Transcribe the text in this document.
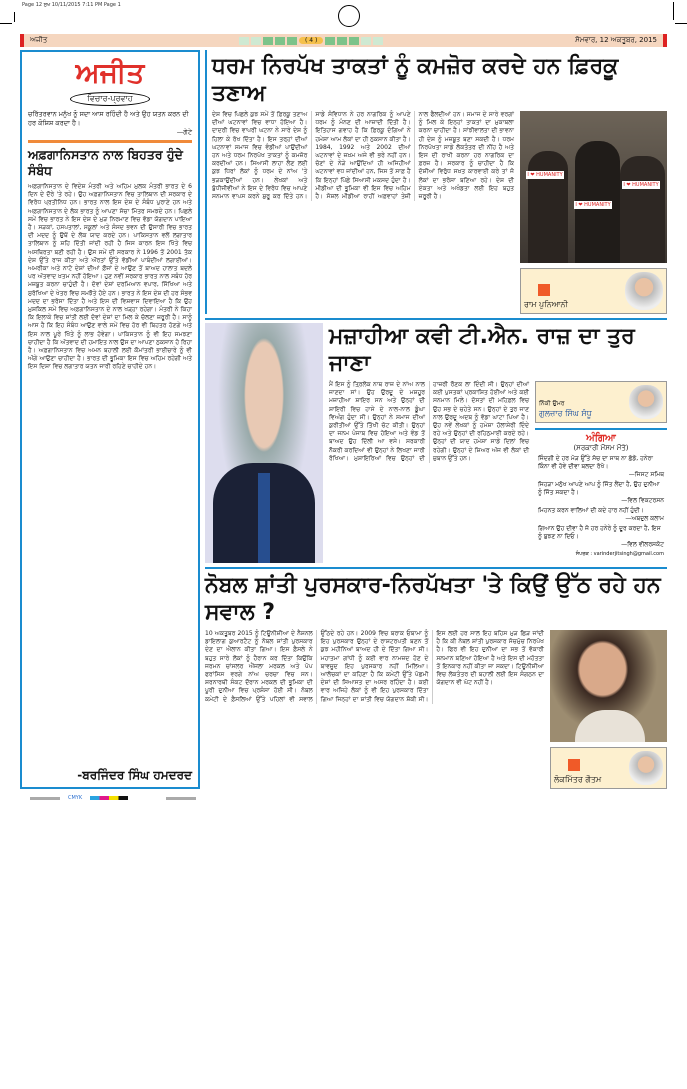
Page 12 ਸੁਖ 10/11/2015 7:11 PM Page 1
ਅਜੀਤ	( 4 )	ਸੋਮਵਾਰ, 12 ਅਕਤੂਬਰ, 2015
ਅਜੀਤ
ਵਿਚਾਰ-ਪ੍ਰਵਾਹ
ਚਰਿੱਤਰਵਾਨ ਮਨੁੱਖ ਨੂੰ ਸਦਾ ਆਸ ਰਹਿੰਦੀ ਹੈ ਅਤੇ ਉਹ ਯਤਨ ਕਰਨ ਦੀ ਹਰ ਕੋਸ਼ਿਸ਼ ਕਰਦਾ ਹੈ।
—ਗੇਟੇ
ਅਫ਼ਗਾਨਿਸਤਾਨ ਨਾਲ ਬਿਹਤਰ ਹੁੰਦੇ ਸੰਬੰਧ
ਅਫ਼ਗਾਨਿਸਤਾਨ ਦੇ ਵਿਦੇਸ਼ ਮੰਤਰੀ ਅਤੇ ਅਹਿਮ ਮੁਲਕ ਮੰਤਰੀ ਭਾਰਤ ਦੇ 6 ਦਿਨ ਦੇ ਦੌਰੇ 'ਤੇ ਰਹੇ। ਉਹ ਅਫ਼ਗਾਨਿਸਤਾਨ ਵਿਚ ਤਾਲਿਬਾਨ ਦੀ ਸਰਕਾਰ ਦੇ ਵਿਰੋਧ ਪ੍ਰਤੀਨਿਧ ਹਨ। ਭਾਰਤ ਨਾਲ ਇਸ ਦੇਸ਼ ਦੇ ਸੰਬੰਧ ਪੁਰਾਣੇ ਹਨ ਅਤੇ ਅਫ਼ਗਾਨਿਸਤਾਨ ਦੇ ਲੋਕ ਭਾਰਤ ਨੂੰ ਆਪਣਾ ਸੱਚਾ ਮਿੱਤਰ ਸਮਝਦੇ ਹਨ। ਪਿਛਲੇ ਸਮੇਂ ਵਿਚ ਭਾਰਤ ਨੇ ਇਸ ਦੇਸ਼ ਦੇ ਮੁੜ ਨਿਰਮਾਣ ਵਿਚ ਵੱਡਾ ਯੋਗਦਾਨ ਪਾਇਆ ਹੈ। ਸੜਕਾਂ, ਹਸਪਤਾਲਾਂ, ਸਕੂਲਾਂ ਅਤੇ ਸੰਸਦ ਭਵਨ ਦੀ ਉਸਾਰੀ ਵਿਚ ਭਾਰਤ ਦੀ ਮਦਦ ਨੂੰ ਉਥੋਂ ਦੇ ਲੋਕ ਯਾਦ ਕਰਦੇ ਹਨ। ਪਾਕਿਸਤਾਨ ਵਲੋਂ ਲਗਾਤਾਰ ਤਾਲਿਬਾਨ ਨੂੰ ਸ਼ਹਿ ਦਿੱਤੀ ਜਾਂਦੀ ਰਹੀ ਹੈ ਜਿਸ ਕਾਰਨ ਇਸ ਖਿੱਤੇ ਵਿਚ ਅਸਥਿਰਤਾ ਬਣੀ ਰਹੀ ਹੈ। ਉਸ ਸਮੇਂ ਦੀ ਸਰਕਾਰ ਨੇ 1996 ਤੋਂ 2001 ਤੱਕ ਦੇਸ਼ ਉੱਤੇ ਰਾਜ ਕੀਤਾ ਅਤੇ ਔਰਤਾਂ ਉੱਤੇ ਵੱਡੀਆਂ ਪਾਬੰਦੀਆਂ ਲਗਾਈਆਂ। ਅਮਰੀਕਾ ਅਤੇ ਨਾਟੋ ਦੇਸ਼ਾਂ ਦੀਆਂ ਫ਼ੌਜਾਂ ਦੇ ਆਉਣ ਤੋਂ ਬਾਅਦ ਹਾਲਾਤ ਬਦਲੇ ਪਰ ਅੱਤਵਾਦ ਖ਼ਤਮ ਨਹੀਂ ਹੋਇਆ। ਹੁਣ ਨਵੀਂ ਸਰਕਾਰ ਭਾਰਤ ਨਾਲ ਸਬੰਧ ਹੋਰ ਮਜ਼ਬੂਤ ਕਰਨਾ ਚਾਹੁੰਦੀ ਹੈ। ਦੋਵਾਂ ਦੇਸ਼ਾਂ ਦਰਮਿਆਨ ਵਪਾਰ, ਸਿੱਖਿਆ ਅਤੇ ਸੁਰੱਖਿਆ ਦੇ ਖੇਤਰ ਵਿਚ ਸਮਝੌਤੇ ਹੋਏ ਹਨ। ਭਾਰਤ ਨੇ ਇਸ ਦੇਸ਼ ਦੀ ਹਰ ਸੰਭਵ ਮਦਦ ਦਾ ਭਰੋਸਾ ਦਿੱਤਾ ਹੈ ਅਤੇ ਇਸ ਦੀ ਵਿਸ਼ਵਾਸ ਦਿਵਾਇਆ ਹੈ ਕਿ ਉਹ ਮੁਸ਼ਕਿਲ ਸਮੇਂ ਵਿਚ ਅਫ਼ਗਾਨਿਸਤਾਨ ਦੇ ਨਾਲ ਖੜ੍ਹਾ ਰਹੇਗਾ। ਮੰਤਰੀ ਨੇ ਕਿਹਾ ਕਿ ਇਲਾਕੇ ਵਿਚ ਸ਼ਾਂਤੀ ਲਈ ਦੋਵਾਂ ਦੇਸ਼ਾਂ ਦਾ ਮਿਲ ਕੇ ਚੱਲਣਾ ਜ਼ਰੂਰੀ ਹੈ। ਸਾਨੂੰ ਆਸ ਹੈ ਕਿ ਇਹ ਸੰਬੰਧ ਆਉਣ ਵਾਲੇ ਸਮੇਂ ਵਿਚ ਹੋਰ ਵੀ ਬਿਹਤਰ ਹੋਣਗੇ ਅਤੇ ਇਸ ਨਾਲ ਪੂਰੇ ਖਿੱਤੇ ਨੂੰ ਲਾਭ ਹੋਵੇਗਾ। ਪਾਕਿਸਤਾਨ ਨੂੰ ਵੀ ਇਹ ਸਮਝਣਾ ਚਾਹੀਦਾ ਹੈ ਕਿ ਅੱਤਵਾਦ ਦੀ ਹਮਾਇਤ ਨਾਲ ਉਸ ਦਾ ਆਪਣਾ ਨੁਕਸਾਨ ਹੋ ਰਿਹਾ ਹੈ। ਅਫ਼ਗਾਨਿਸਤਾਨ ਵਿਚ ਅਮਨ ਬਹਾਲੀ ਲਈ ਕੌਮਾਂਤਰੀ ਭਾਈਚਾਰੇ ਨੂੰ ਵੀ ਅੱਗੇ ਆਉਣਾ ਚਾਹੀਦਾ ਹੈ। ਭਾਰਤ ਦੀ ਭੂਮਿਕਾ ਇਸ ਵਿਚ ਅਹਿਮ ਰਹੇਗੀ ਅਤੇ ਇਸ ਦਿਸ਼ਾ ਵਿਚ ਲਗਾਤਾਰ ਯਤਨ ਜਾਰੀ ਰਹਿਣੇ ਚਾਹੀਦੇ ਹਨ।
-ਬਰਜਿੰਦਰ ਸਿੰਘ ਹਮਦਰਦ
ਧਰਮ ਨਿਰਪੱਖ ਤਾਕਤਾਂ ਨੂੰ ਕਮਜ਼ੋਰ ਕਰਦੇ ਹਨ ਫ਼ਿਰਕੂ ਤਣਾਅ
ਦੇਸ਼ ਵਿਚ ਪਿਛਲੇ ਕੁਝ ਸਮੇਂ ਤੋਂ ਫ਼ਿਰਕੂ ਤਣਾਅ ਦੀਆਂ ਘਟਨਾਵਾਂ ਵਿਚ ਵਾਧਾ ਹੋਇਆ ਹੈ। ਦਾਦਰੀ ਵਿਚ ਵਾਪਰੀ ਘਟਨਾ ਨੇ ਸਾਰੇ ਦੇਸ਼ ਨੂੰ ਹਿਲਾ ਕੇ ਰੱਖ ਦਿੱਤਾ ਹੈ। ਇਸ ਤਰ੍ਹਾਂ ਦੀਆਂ ਘਟਨਾਵਾਂ ਸਮਾਜ ਵਿਚ ਵੰਡੀਆਂ ਪਾਉਂਦੀਆਂ ਹਨ ਅਤੇ ਧਰਮ ਨਿਰਪੱਖ ਤਾਕਤਾਂ ਨੂੰ ਕਮਜ਼ੋਰ ਕਰਦੀਆਂ ਹਨ। ਸਿਆਸੀ ਲਾਹਾ ਲੈਣ ਲਈ ਕੁਝ ਧਿਰਾਂ ਲੋਕਾਂ ਨੂੰ ਧਰਮ ਦੇ ਨਾਂਅ 'ਤੇ ਭੜਕਾਉਂਦੀਆਂ ਹਨ। ਲੇਖਕਾਂ ਅਤੇ ਬੁੱਧੀਜੀਵੀਆਂ ਨੇ ਇਸ ਦੇ ਵਿਰੋਧ ਵਿਚ ਆਪਣੇ ਸਨਮਾਨ ਵਾਪਸ ਕਰਨੇ ਸ਼ੁਰੂ ਕਰ ਦਿੱਤੇ ਹਨ। ਸਾਡੇ ਸੰਵਿਧਾਨ ਨੇ ਹਰ ਨਾਗਰਿਕ ਨੂੰ ਆਪਣੇ ਧਰਮ ਨੂੰ ਮੰਨਣ ਦੀ ਆਜ਼ਾਦੀ ਦਿੱਤੀ ਹੈ। ਇਤਿਹਾਸ ਗਵਾਹ ਹੈ ਕਿ ਫ਼ਿਰਕੂ ਦੰਗਿਆਂ ਨੇ ਹਮੇਸ਼ਾ ਆਮ ਲੋਕਾਂ ਦਾ ਹੀ ਨੁਕਸਾਨ ਕੀਤਾ ਹੈ। 1984, 1992 ਅਤੇ 2002 ਦੀਆਂ ਘਟਨਾਵਾਂ ਦੇ ਜ਼ਖ਼ਮ ਅਜੇ ਵੀ ਭਰੇ ਨਹੀਂ ਹਨ। ਚੋਣਾਂ ਦੇ ਨੇੜੇ ਆਉਂਦਿਆਂ ਹੀ ਅਜਿਹੀਆਂ ਘਟਨਾਵਾਂ ਵਧ ਜਾਂਦੀਆਂ ਹਨ, ਜਿਸ ਤੋਂ ਸਾਫ਼ ਹੈ ਕਿ ਇਨ੍ਹਾਂ ਪਿੱਛੇ ਸਿਆਸੀ ਮਕਸਦ ਹੁੰਦਾ ਹੈ। ਮੀਡੀਆ ਦੀ ਭੂਮਿਕਾ ਵੀ ਇਸ ਵਿਚ ਅਹਿਮ ਹੈ। ਸੋਸ਼ਲ ਮੀਡੀਆ ਰਾਹੀਂ ਅਫ਼ਵਾਹਾਂ ਤੇਜ਼ੀ ਨਾਲ ਫੈਲਦੀਆਂ ਹਨ। ਸਮਾਜ ਦੇ ਸਾਰੇ ਵਰਗਾਂ ਨੂੰ ਮਿਲ ਕੇ ਇਨ੍ਹਾਂ ਤਾਕਤਾਂ ਦਾ ਮੁਕਾਬਲਾ ਕਰਨਾ ਚਾਹੀਦਾ ਹੈ। ਸਾਂਝੀਵਾਲਤਾ ਦੀ ਭਾਵਨਾ ਹੀ ਦੇਸ਼ ਨੂੰ ਮਜ਼ਬੂਤ ਬਣਾ ਸਕਦੀ ਹੈ। ਧਰਮ ਨਿਰਪੱਖਤਾ ਸਾਡੇ ਲੋਕਤੰਤਰ ਦੀ ਨੀਂਹ ਹੈ ਅਤੇ ਇਸ ਦੀ ਰਾਖੀ ਕਰਨਾ ਹਰ ਨਾਗਰਿਕ ਦਾ ਫ਼ਰਜ਼ ਹੈ। ਸਰਕਾਰ ਨੂੰ ਚਾਹੀਦਾ ਹੈ ਕਿ ਦੋਸ਼ੀਆਂ ਵਿਰੁੱਧ ਸਖ਼ਤ ਕਾਰਵਾਈ ਕਰੇ ਤਾਂ ਜੋ ਲੋਕਾਂ ਦਾ ਭਰੋਸਾ ਬਣਿਆ ਰਹੇ। ਦੇਸ਼ ਦੀ ਏਕਤਾ ਅਤੇ ਅਖੰਡਤਾ ਲਈ ਇਹ ਬਹੁਤ ਜ਼ਰੂਰੀ ਹੈ।
I ❤ HUMANITY
I ❤ HUMANITY
I ❤ HUMANITY
ਰਾਮ ਪੁਨਿਆਨੀ
ਮਜ਼ਾਹੀਆ ਕਵੀ ਟੀ.ਐਨ. ਰਾਜ਼ ਦਾ ਤੁਰ ਜਾਣਾ
ਮੈਂ ਇਸ ਨੂੰ ਤ੍ਰਿਲੋਕ ਨਾਥ ਰਾਜ਼ ਦੇ ਨਾਂਅ ਨਾਲ ਜਾਣਦਾ ਸਾਂ। ਉਹ ਉਰਦੂ ਦੇ ਮਸ਼ਹੂਰ ਮਜ਼ਾਹੀਆ ਸ਼ਾਇਰ ਸਨ ਅਤੇ ਉਨ੍ਹਾਂ ਦੀ ਸ਼ਾਇਰੀ ਵਿਚ ਹਾਸੇ ਦੇ ਨਾਲ-ਨਾਲ ਡੂੰਘਾ ਵਿਅੰਗ ਹੁੰਦਾ ਸੀ। ਉਨ੍ਹਾਂ ਨੇ ਸਮਾਜ ਦੀਆਂ ਕੁਰੀਤੀਆਂ ਉੱਤੇ ਤਿੱਖੀ ਚੋਟ ਕੀਤੀ। ਉਨ੍ਹਾਂ ਦਾ ਜਨਮ ਪੰਜਾਬ ਵਿਚ ਹੋਇਆ ਅਤੇ ਵੰਡ ਤੋਂ ਬਾਅਦ ਉਹ ਦਿੱਲੀ ਆ ਵਸੇ। ਸਰਕਾਰੀ ਨੌਕਰੀ ਕਰਦਿਆਂ ਵੀ ਉਨ੍ਹਾਂ ਨੇ ਲਿਖਣਾ ਜਾਰੀ ਰੱਖਿਆ। ਮੁਸ਼ਾਇਰਿਆਂ ਵਿਚ ਉਨ੍ਹਾਂ ਦੀ ਹਾਜ਼ਰੀ ਰੌਣਕ ਲਾ ਦਿੰਦੀ ਸੀ। ਉਨ੍ਹਾਂ ਦੀਆਂ ਕਈ ਪੁਸਤਕਾਂ ਪ੍ਰਕਾਸ਼ਿਤ ਹੋਈਆਂ ਅਤੇ ਕਈ ਸਨਮਾਨ ਮਿਲੇ। ਦੋਸਤਾਂ ਦੀ ਮਹਿਫ਼ਲ ਵਿਚ ਉਹ ਸਭ ਦੇ ਚਹੇਤੇ ਸਨ। ਉਨ੍ਹਾਂ ਦੇ ਤੁਰ ਜਾਣ ਨਾਲ ਉਰਦੂ ਅਦਬ ਨੂੰ ਵੱਡਾ ਘਾਟਾ ਪਿਆ ਹੈ। ਉਹ ਨਵੇਂ ਲੇਖਕਾਂ ਨੂੰ ਹਮੇਸ਼ਾ ਹੱਲਾਸ਼ੇਰੀ ਦਿੰਦੇ ਰਹੇ ਅਤੇ ਉਨ੍ਹਾਂ ਦੀ ਰਹਿਨੁਮਾਈ ਕਰਦੇ ਰਹੇ। ਉਨ੍ਹਾਂ ਦੀ ਯਾਦ ਹਮੇਸ਼ਾ ਸਾਡੇ ਦਿਲਾਂ ਵਿਚ ਰਹੇਗੀ। ਉਨ੍ਹਾਂ ਦੇ ਸ਼ਿਅਰ ਅੱਜ ਵੀ ਲੋਕਾਂ ਦੀ ਜ਼ੁਬਾਨ ਉੱਤੇ ਹਨ।
ਨਿੱਕੀ ਉਮਰ
ਗੁਲਜ਼ਾਰ ਸਿੰਘ ਸੰਧੂ
ਅੰਗਿਆ
(ਸਰਕਾਰੀ ਮੌਸਮ ਮੌਤੇ)

ਜਿੰਦਗੀ ਦੇ ਹਰ ਮੋੜ ਉੱਤੇ ਸੱਚ ਦਾ ਸਾਥ ਨਾ ਛੱਡੋ, ਹਨੇਰਾ ਕਿੰਨਾ ਵੀ ਹੋਵੇ ਦੀਵਾ ਬਲਦਾ ਰੱਖੋ।

—ਜਿਸਟ ਸਮਿਥ

ਜਿਹੜਾ ਮਨੁੱਖ ਆਪਣੇ ਆਪ ਨੂੰ ਜਿੱਤ ਲੈਂਦਾ ਹੈ, ਉਹ ਦੁਨੀਆ ਨੂੰ ਜਿੱਤ ਸਕਦਾ ਹੈ।

—ਵਿਲ ਵਿਕਟਰਸਨ

ਮਿਹਨਤ ਕਰਨ ਵਾਲਿਆਂ ਦੀ ਕਦੇ ਹਾਰ ਨਹੀਂ ਹੁੰਦੀ।

—ਅਬਦੁਲ ਕਲਾਮ

ਗਿਆਨ ਉਹ ਦੀਵਾ ਹੈ ਜੋ ਹਰ ਹਨੇਰੇ ਨੂੰ ਦੂਰ ਕਰਦਾ ਹੈ, ਇਸ ਨੂੰ ਬੁਝਣ ਨਾ ਦਿਓ।

—ਵਿਲ ਵੀਲਰਸਕੋਟ
ਸੰਪਰਕ : varinderjitsingh@gmail.com
ਨੋਬਲ ਸ਼ਾਂਤੀ ਪੁਰਸਕਾਰ-ਨਿਰਪੱਖਤਾ 'ਤੇ ਕਿਉਂ ਉੱਠ ਰਹੇ ਹਨ ਸਵਾਲ ?
10 ਅਕਤੂਬਰ 2015 ਨੂੰ ਟਿਊਨੀਸ਼ੀਆ ਦੇ ਨੈਸ਼ਨਲ ਡਾਇਲਾਗ ਕੁਆਰਟੈਟ ਨੂੰ ਨੋਬਲ ਸ਼ਾਂਤੀ ਪੁਰਸਕਾਰ ਦੇਣ ਦਾ ਐਲਾਨ ਕੀਤਾ ਗਿਆ। ਇਸ ਫ਼ੈਸਲੇ ਨੇ ਬਹੁਤ ਸਾਰੇ ਲੋਕਾਂ ਨੂੰ ਹੈਰਾਨ ਕਰ ਦਿੱਤਾ ਕਿਉਂਕਿ ਜਰਮਨ ਚਾਂਸਲਰ ਐਂਜਲਾ ਮਰਕਲ ਅਤੇ ਪੋਪ ਫਰਾਂਸਿਸ ਵਰਗੇ ਨਾਂਅ ਚਰਚਾ ਵਿਚ ਸਨ। ਸ਼ਰਨਾਰਥੀ ਸੰਕਟ ਦੌਰਾਨ ਮਰਕਲ ਦੀ ਭੂਮਿਕਾ ਦੀ ਪੂਰੀ ਦੁਨੀਆ ਵਿਚ ਪ੍ਰਸ਼ੰਸਾ ਹੋਈ ਸੀ। ਨੋਬਲ ਕਮੇਟੀ ਦੇ ਫ਼ੈਸਲਿਆਂ ਉੱਤੇ ਪਹਿਲਾਂ ਵੀ ਸਵਾਲ ਉੱਠਦੇ ਰਹੇ ਹਨ। 2009 ਵਿਚ ਬਰਾਕ ਓਬਾਮਾ ਨੂੰ ਇਹ ਪੁਰਸਕਾਰ ਉਨ੍ਹਾਂ ਦੇ ਰਾਸ਼ਟਰਪਤੀ ਬਣਨ ਤੋਂ ਕੁਝ ਮਹੀਨਿਆਂ ਬਾਅਦ ਹੀ ਦੇ ਦਿੱਤਾ ਗਿਆ ਸੀ। ਮਹਾਤਮਾ ਗਾਂਧੀ ਨੂੰ ਕਈ ਵਾਰ ਨਾਮਜ਼ਦ ਹੋਣ ਦੇ ਬਾਵਜੂਦ ਇਹ ਪੁਰਸਕਾਰ ਨਹੀਂ ਮਿਲਿਆ। ਆਲੋਚਕਾਂ ਦਾ ਕਹਿਣਾ ਹੈ ਕਿ ਕਮੇਟੀ ਉੱਤੇ ਪੱਛਮੀ ਦੇਸ਼ਾਂ ਦੀ ਸਿਆਸਤ ਦਾ ਅਸਰ ਰਹਿੰਦਾ ਹੈ। ਕਈ ਵਾਰ ਅਜਿਹੇ ਲੋਕਾਂ ਨੂੰ ਵੀ ਇਹ ਪੁਰਸਕਾਰ ਦਿੱਤਾ ਗਿਆ ਜਿਨ੍ਹਾਂ ਦਾ ਸ਼ਾਂਤੀ ਵਿਚ ਯੋਗਦਾਨ ਸ਼ੱਕੀ ਸੀ। ਇਸ ਲਈ ਹਰ ਸਾਲ ਇਹ ਬਹਿਸ ਮੁੜ ਛਿੜ ਜਾਂਦੀ ਹੈ ਕਿ ਕੀ ਨੋਬਲ ਸ਼ਾਂਤੀ ਪੁਰਸਕਾਰ ਸੱਚਮੁੱਚ ਨਿਰਪੱਖ ਹੈ। ਫਿਰ ਵੀ ਇਹ ਦੁਨੀਆ ਦਾ ਸਭ ਤੋਂ ਵੱਕਾਰੀ ਸਨਮਾਨ ਬਣਿਆ ਹੋਇਆ ਹੈ ਅਤੇ ਇਸ ਦੀ ਮਹੱਤਤਾ ਤੋਂ ਇਨਕਾਰ ਨਹੀਂ ਕੀਤਾ ਜਾ ਸਕਦਾ। ਟਿਊਨੀਸ਼ੀਆ ਵਿਚ ਲੋਕਤੰਤਰ ਦੀ ਬਹਾਲੀ ਲਈ ਇਸ ਸੰਗਠਨ ਦਾ ਯੋਗਦਾਨ ਵੀ ਘੱਟ ਨਹੀਂ ਹੈ।
ਲੋਕਮਿੱਤਰ ਗੌਤਮ
CMYK
